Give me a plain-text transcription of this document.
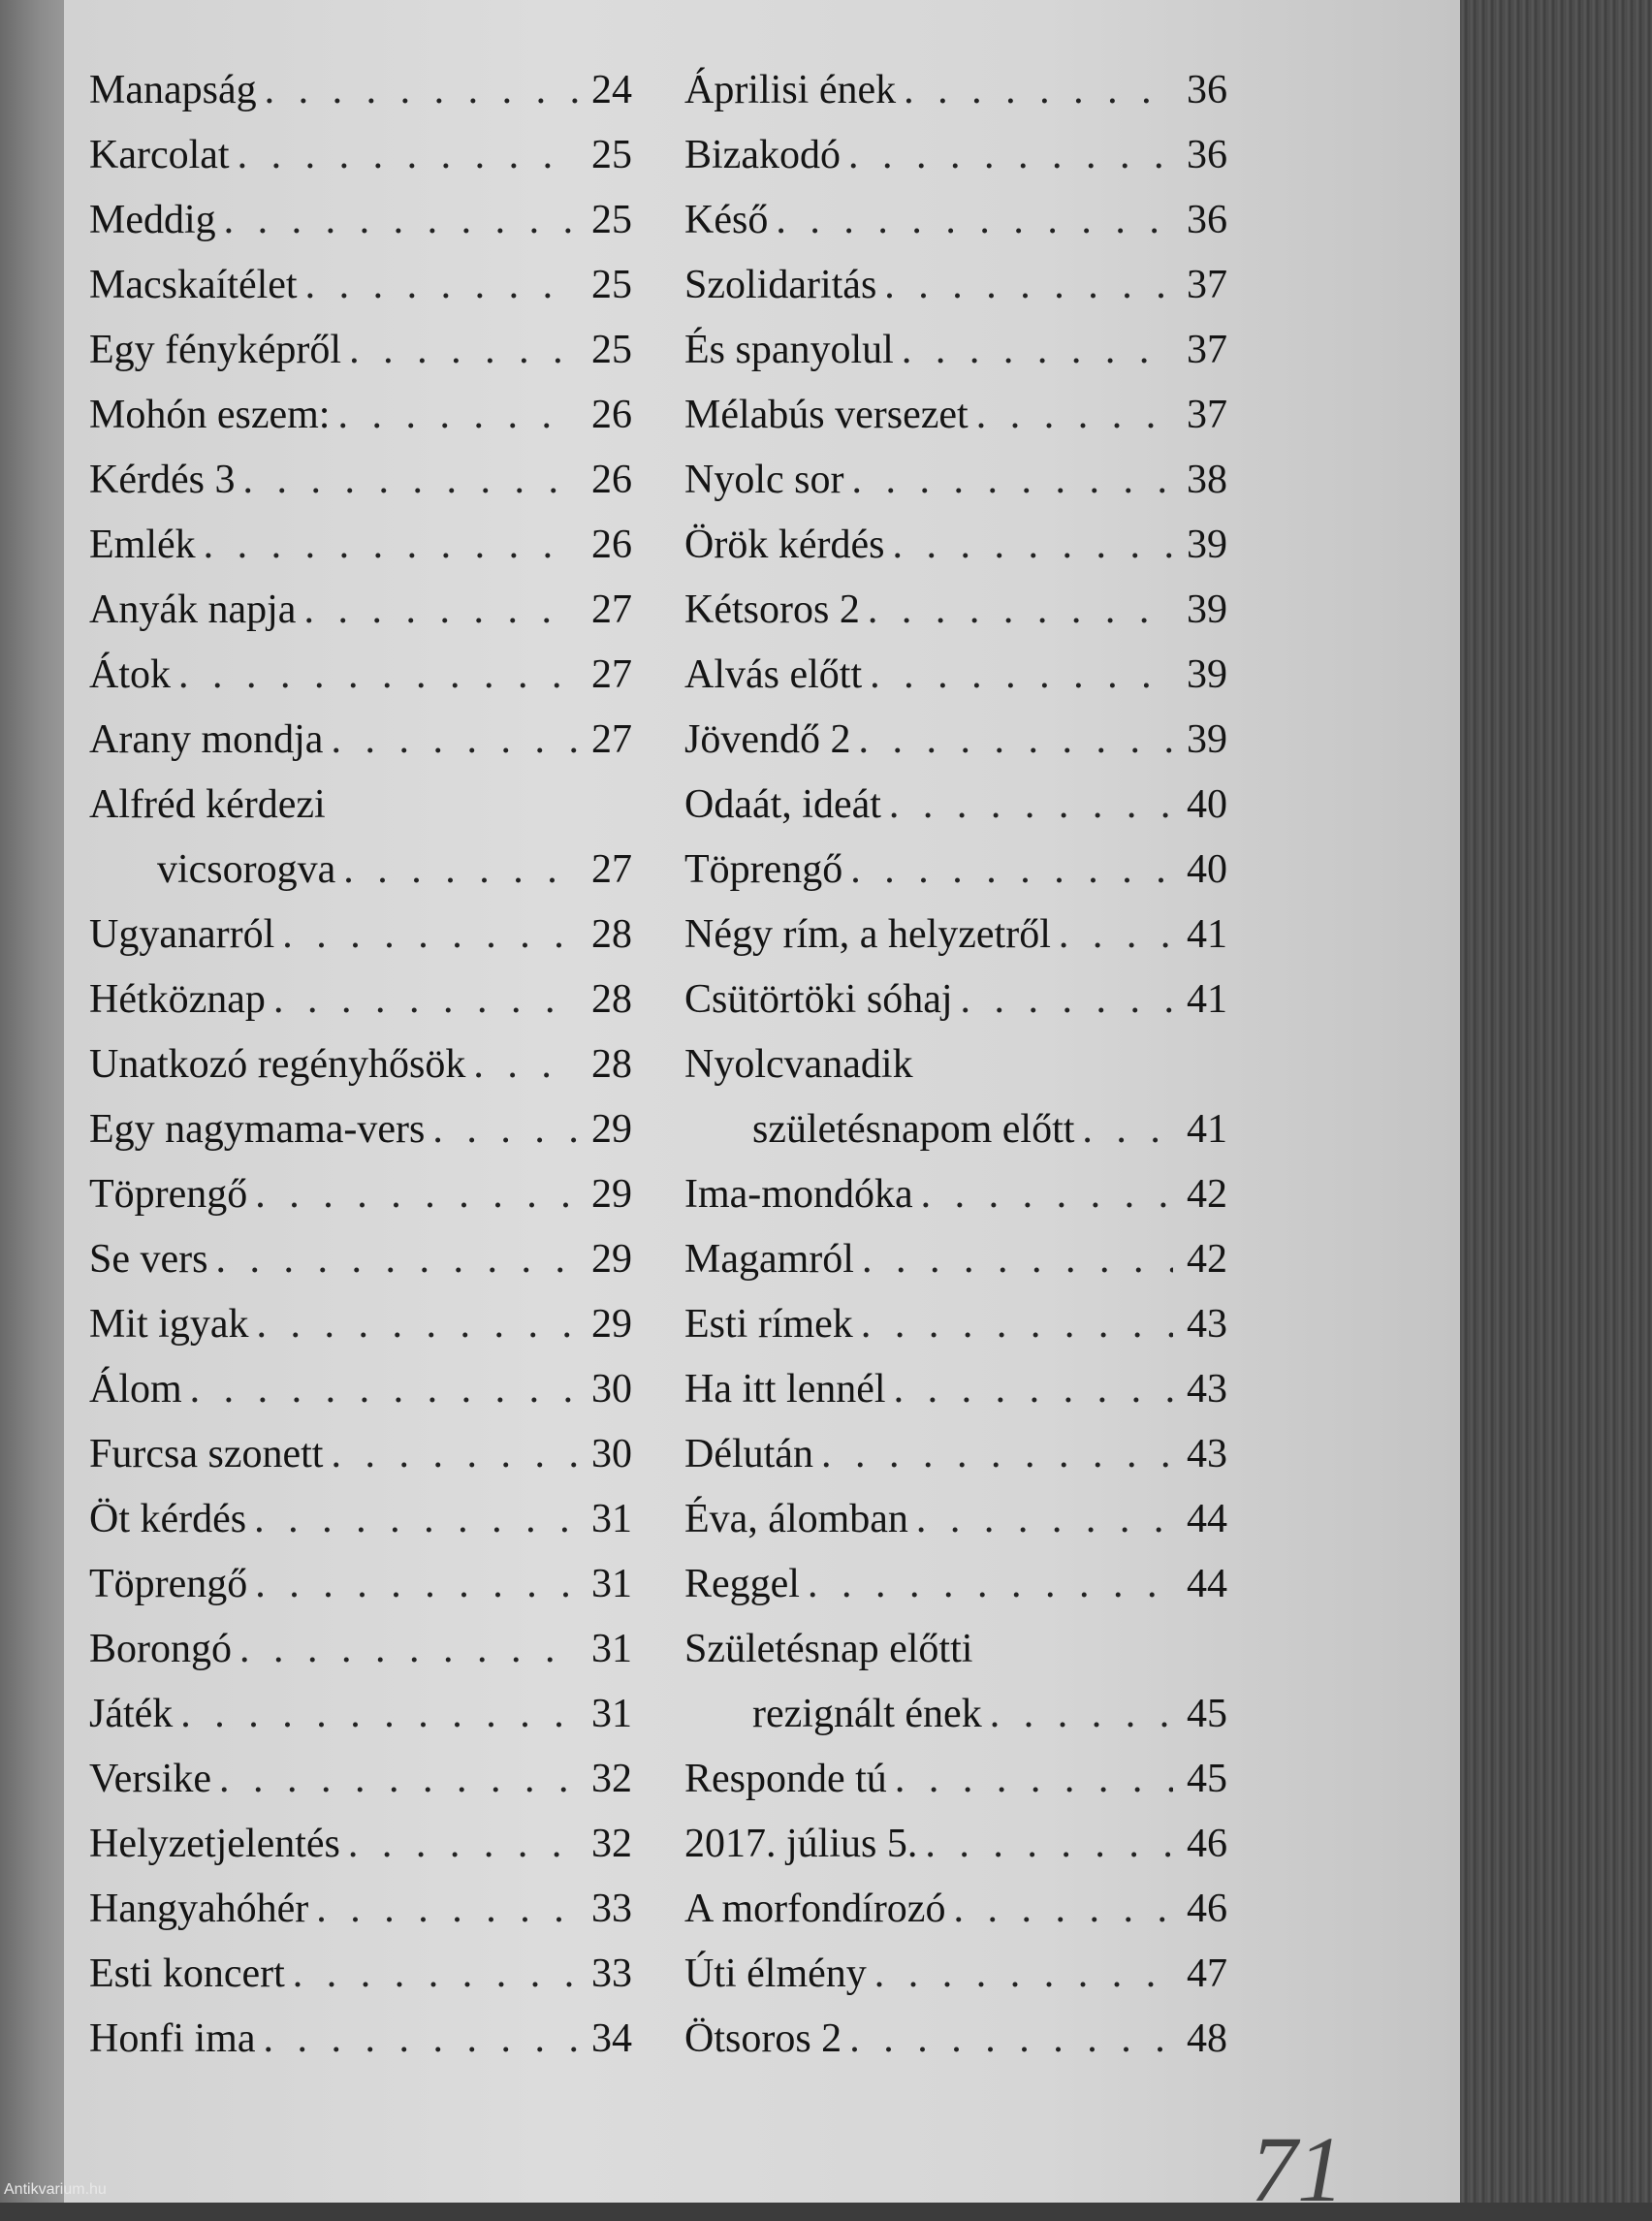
Manapság . . .	24
Karcolat . . .	25
Meddig . . .	25
Macskaítélet . . .	25
Egy fényképről . . .	25
Mohón eszem: . . .	26
Kérdés 3 . . .	26
Emlék . . .	26
Anyák napja . . .	27
Átok . . .	27
Arany mondja . . .	27
Alfréd kérdezi
vicsorogva . . .	27
Ugyanarról . . .	28
Hétköznap . . .	28
Unatkozó regényhősök . . .	28
Egy nagymama-vers . . .	29
Töprengő . . .	29
Se vers . . .	29
Mit igyak . . .	29
Álom . . .	30
Furcsa szonett . . .	30
Öt kérdés . . .	31
Töprengő . . .	31
Borongó . . .	31
Játék . . .	31
Versike . . .	32
Helyzetjelentés . . .	32
Hangyahóhér . . .	33
Esti koncert . . .	33
Honfi ima . . .	34
Áprilisi ének . . .	36
Bizakodó . . .	36
Késő . . .	36
Szolidaritás . . .	37
És spanyolul . . .	37
Mélabús versezet . . .	37
Nyolc sor . . .	38
Örök kérdés . . .	39
Kétsoros 2 . . .	39
Alvás előtt . . .	39
Jövendő 2 . . .	39
Odaát, ideát . . .	40
Töprengő . . .	40
Négy rím, a helyzetről . . .	41
Csütörtöki sóhaj . . .	41
Nyolcvanadik
születésnapom előtt . . .	41
Ima-mondóka . . .	42
Magamról . . .	42
Esti rímek . . .	43
Ha itt lennél . . .	43
Délután . . .	43
Éva, álomban . . .	44
Reggel . . .	44
Születésnap előtti
rezignált ének . . .	45
Responde tú . . .	45
2017. július 5. . . .	46
A morfondírozó . . .	46
Úti élmény . . .	47
Ötsoros 2 . . .	48
71
Antikvarium.hu
